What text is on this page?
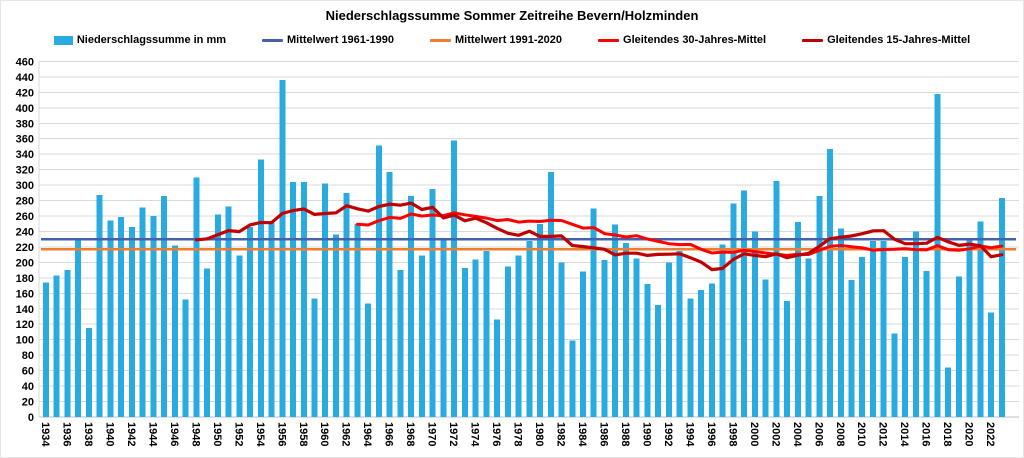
Niederschlagssumme Sommer Zeitreihe Bevern/Holzminden
Niederschlagssumme in mm	Mittelwert 1961-1990	Mittelwert 1991-2020	Gleitendes 30-Jahres-Mittel	Gleitendes 15-Jahres-Mittel
0
20
40
60
80
100
120
140
160
180
200
220
240
260
280
300
320
340
360
380
400
420
440
460
1934 1936 1938 1940 1942 1944 1946 1948 1950 1952 1954 1956 1958 1960 1962 1964 1966 1968 1970 1972 1974 1976 1978 1980 1982 1984 1986 1988 1990 1992 1994 1996 1998 2000 2002 2004 2006 2008 2010 2012 2014 2016 2018 2020 2022
